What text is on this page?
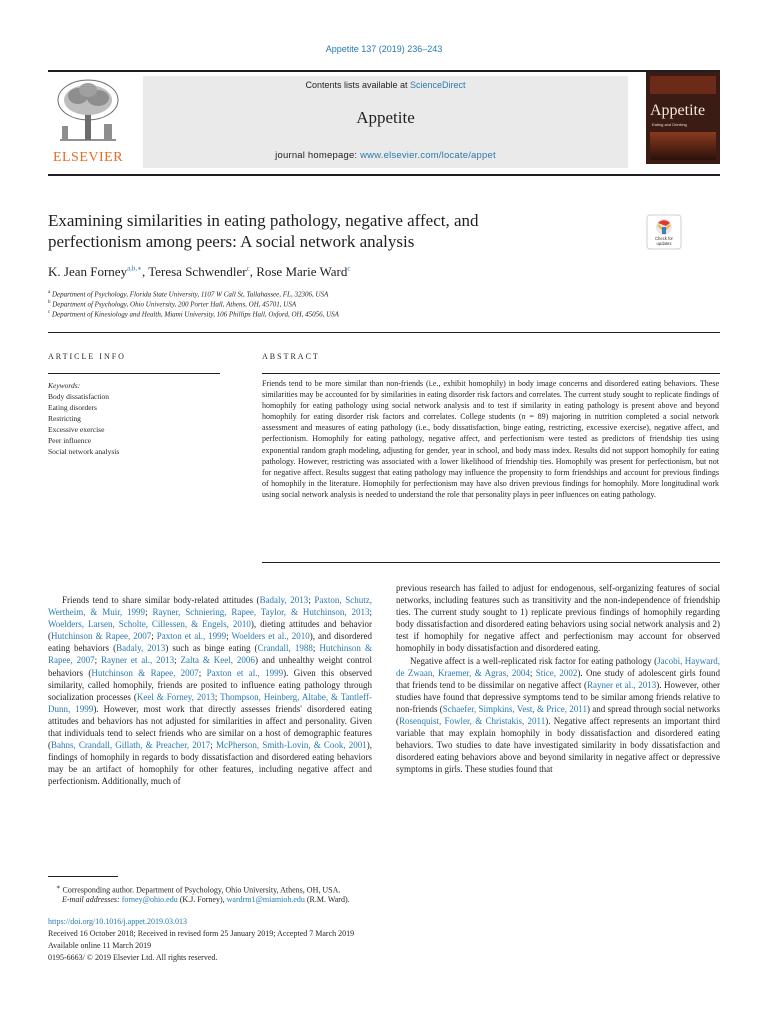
Appetite 137 (2019) 236–243
ELSEVIER
Contents lists available at ScienceDirect
Appetite
journal homepage: www.elsevier.com/locate/appet
Appetite
Eating and Drinking
Examining similarities in eating pathology, negative affect, and
perfectionism among peers: A social network analysis	Check for updates
K. Jean Forney$^{a,b,∗}$, Teresa Schwendler$^c$, Rose Marie Ward$^c$
$^a$ Department of Psychology, Florida State University, 1107 W Call St, Tallahassee, FL, 32306, USA
$^b$ Department of Psychology, Ohio University, 200 Porter Hall, Athens, OH, 45701, USA
$^c$ Department of Kinesiology and Health, Miami University, 106 Phillips Hall, Oxford, OH, 45056, USA
ARTICLE INFO	ABSTRACT
Keywords:
Body dissatisfaction
Eating disorders
Restricting
Excessive exercise
Peer influence
Social network analysis
Friends tend to be more similar than non-friends (i.e., exhibit homophily) in body image concerns and disordered eating behaviors. These similarities may be accounted for by similarities in eating disorder risk factors and correlates. The current study sought to replicate findings of homophily for eating pathology using social network analysis and to test if similarity in eating pathology is present above and beyond homophily for eating disorder risk factors and correlates. College students (n = 89) majoring in nutrition completed a social network assessment and measures of eating pathology (i.e., body dissatisfaction, binge eating, restricting, excessive exercise), negative affect, and perfectionism. Homophily for eating pathology, negative affect, and perfectionism were tested as predictors of friendship ties using exponential random graph modeling, adjusting for gender, year in school, and body mass index. Results did not support homophily for eating pathology. However, restricting was associated with a lower likelihood of friendship ties. Homophily was present for perfectionism, but not for negative affect. Results suggest that eating pathology may influence the propensity to form friendships and account for previous findings of homophily in the literature. Homophily for perfectionism may have also driven previous findings for homophily. More longitudinal work using social network analysis is needed to understand the role that personality plays in peer influences on eating pathology.

Friends tend to share similar body-related attitudes (Badaly, 2013; Paxton, Schutz, Wertheim, & Muir, 1999; Rayner, Schniering, Rapee, Taylor, & Hutchinson, 2013; Woelders, Larsen, Scholte, Cillessen, & Engels, 2010), dieting attitudes and behavior (Hutchinson & Rapee, 2007; Paxton et al., 1999; Woelders et al., 2010), and disordered eating behaviors (Badaly, 2013) such as binge eating (Crandall, 1988; Hutchinson & Rapee, 2007; Rayner et al., 2013; Zalta & Keel, 2006) and unhealthy weight control behaviors (Hutchinson & Rapee, 2007; Paxton et al., 1999). Given this observed similarity, called homophily, friends are posited to influence eating pathology through socialization processes (Keel & Forney, 2013; Thompson, Heinberg, Altabe, & Tantleff-Dunn, 1999). However, most work that directly assesses friends' disordered eating attitudes and behaviors has not adjusted for similarities in affect and personality. Given that individuals tend to select friends who are similar on a host of demographic features (Bahns, Crandall, Gillath, & Preacher, 2017; McPherson, Smith-Lovin, & Cook, 2001), findings of homophily in regards to body dissatisfaction and disordered eating behaviors may be an artifact of homophily for other features, including negative affect and perfectionism. Additionally, much of

previous research has failed to adjust for endogenous, self-organizing features of social networks, including features such as transitivity and the non-independence of friendship ties. The current study sought to 1) replicate previous findings of homophily regarding body dissatisfaction and disordered eating behaviors using social network analysis and 2) test if homophily for negative affect and perfectionism may account for observed homophily in body dissatisfaction and disordered eating.

Negative affect is a well-replicated risk factor for eating pathology (Jacobi, Hayward, de Zwaan, Kraemer, & Agras, 2004; Stice, 2002). One study of adolescent girls found that friends tend to be dissimilar on negative affect (Rayner et al., 2013). However, other studies have found that depressive symptoms tend to be similar among friends relative to non-friends (Schaefer, Simpkins, Vest, & Price, 2011) and spread through social networks (Rosenquist, Fowler, & Christakis, 2011). Negative affect represents an important third variable that may explain homophily in body dissatisfaction and disordered eating behaviors. Two studies to date have investigated similarity in body dissatisfaction and disordered eating behaviors above and beyond similarity in negative affect or depressive symptoms in girls. These studies found that

∗ Corresponding author. Department of Psychology, Ohio University, Athens, OH, USA.
E-mail addresses: forney@ohio.edu (K.J. Forney), wardrm1@miamioh.edu (R.M. Ward).
https://doi.org/10.1016/j.appet.2019.03.013
Received 16 October 2018; Received in revised form 25 January 2019; Accepted 7 March 2019
Available online 11 March 2019
0195-6663/ © 2019 Elsevier Ltd. All rights reserved.
